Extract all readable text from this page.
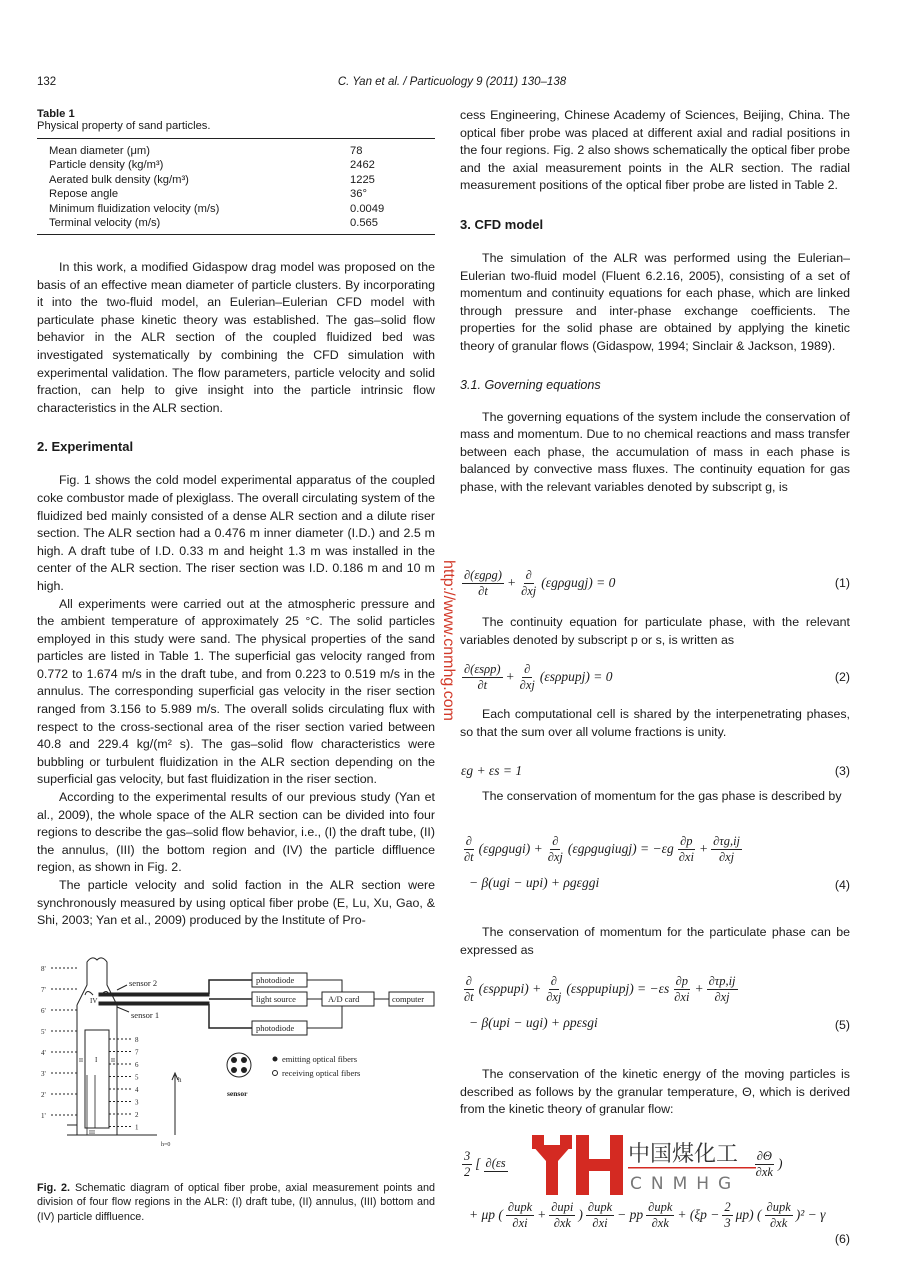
132	C. Yan et al. / Particuology 9 (2011) 130–138
Table 1
Physical property of sand particles.
Mean diameter (μm)	78
Particle density (kg/m³)	2462
Aerated bulk density (kg/m³)	1225
Repose angle	36°
Minimum fluidization velocity (m/s)	0.0049
Terminal velocity (m/s)	0.565

In this work, a modified Gidaspow drag model was proposed on the basis of an effective mean diameter of particle clusters. By incorporating it into the two-fluid model, an Eulerian–Eulerian CFD model with particulate phase kinetic theory was established. The gas–solid flow behavior in the ALR section of the coupled fluidized bed was investigated systematically by combining the CFD simulation with experimental validation. The flow parameters, particle velocity and solid fraction, can help to give insight into the particle intrinsic flow characteristics in the ALR section.

2. Experimental

Fig. 1 shows the cold model experimental apparatus of the coupled coke combustor made of plexiglass. The overall circulating system of the fluidized bed mainly consisted of a dense ALR section and a dilute riser section. The ALR section had a 0.476 m inner diameter (I.D.) and 2.5 m high. A draft tube of I.D. 0.33 m and height 1.3 m was installed in the center of the ALR section. The riser section was I.D. 0.186 m and 10 m high.

All experiments were carried out at the atmospheric pressure and the ambient temperature of approximately 25 °C. The solid particles employed in this study were sand. The physical properties of the sand particles are listed in Table 1. The superficial gas velocity ranged from 0.772 to 1.674 m/s in the draft tube, and from 0.223 to 0.519 m/s in the annulus. The corresponding superficial gas velocity in the riser section ranged from 3.156 to 5.989 m/s. The overall solids circulating flux with respect to the cross-sectional area of the riser section varied between 40.8 and 229.4 kg/(m² s). The gas–solid flow characteristics were bubbling or turbulent fluidization in the ALR section depending on the superficial gas velocity, but fast fluidization in the riser section.

According to the experimental results of our previous study (Yan et al., 2009), the whole space of the ALR section can be divided into four regions to describe the gas–solid flow behavior, i.e., (I) the draft tube, (II) the annulus, (III) the bottom region and (IV) the particle diffluence region, as shown in Fig. 2.

The particle velocity and solid faction in the ALR section were synchronously measured by using optical fiber probe (E, Lu, Xu, Gao, & Shi, 2003; Yan et al., 2009) produced by the Institute of Pro-

sensor 2
sensor 1
photodiode
light source
photodiode
A/D card	computer
IV
I
II	II
III
h
h=0
emitting optical fibers
receiving optical fibers
sensor
8'
7'
6'
5'
4'
3'
2'
1'
8
7
6
5
4
3
2
1
Fig. 2. Schematic diagram of optical fiber probe, axial measurement points and division of four flow regions in the ALR: (I) draft tube, (II) annulus, (III) bottom and (IV) particle diffluence.

cess Engineering, Chinese Academy of Sciences, Beijing, China. The optical fiber probe was placed at different axial and radial positions in the four regions. Fig. 2 also shows schematically the optical fiber probe and the axial measurement points in the ALR section. The radial measurement positions of the optical fiber probe are listed in Table 2.

3. CFD model

The simulation of the ALR was performed using the Eulerian–Eulerian two-fluid model (Fluent 6.2.16, 2005), consisting of a set of momentum and continuity equations for each phase, which are linked through pressure and inter-phase exchange coefficients. The properties for the solid phase are obtained by applying the kinetic theory of granular flows (Gidaspow, 1994; Sinclair & Jackson, 1989).

3.1. Governing equations

The governing equations of the system include the conservation of mass and momentum. Due to no chemical reactions and mass transfer between each phase, the accumulation of mass in each phase is balanced by convective mass fluxes. The continuity equation for gas phase, with the relevant variables denoted by subscript g, is

$\frac{\text{∂(εgρg)}}{\partial t} + \frac{\partial}{\partial xj}$ (εgρgugj) = 0	(1)

The continuity equation for particulate phase, with the relevant variables denoted by subscript p or s, is written as

$\frac{\text{∂(εsρp)}}{\partial t} + \frac{\partial}{\partial xj}$ (εsρpupj) = 0	(2)

Each computational cell is shared by the interpenetrating phases, so that the sum over all volume fractions is unity.

εg + εs = 1	(3)

The conservation of momentum for the gas phase is described by

$\frac{\partial}{\partial t}$ (εgρgugi) + $\frac{\partial}{\partial xj}$ (εgρgugiugj) = $-\varepsilon g \frac{\partial p}{\partial xi} + \frac{\partial\tau g,ij}{\partial xj}$
− β(ugi − upi) + ρgεggi	(4)

The conservation of momentum for the particulate phase can be expressed as

$\frac{\partial}{\partial t}$ (εsρpupi) + $\frac{\partial}{\partial xj}$ (εsρpupiupj) = $-\varepsilon s \frac{\partial p}{\partial xi} + \frac{\partial\tau p,ij}{\partial xj}$
− β(upi − ugi) + ρpεsgi	(5)

The conservation of the kinetic energy of the moving particles is described as follows by the granular temperature, Θ, which is derived from the kinetic theory of granular flow:

$\frac{3}{2}$ [ ∂(εs
	$\frac{\partial\Theta}{\partial xk}$ )
+ μp ( $\frac{\text{∂upk}}{\partial xi} + \frac{\text{∂upi}}{\partial xk}$ ) $\frac{\text{∂upk}}{\partial xi}$ − pp $\frac{\text{∂upk}}{\partial xk} + (\xi p - \frac{2}{3} \mu p)$ ( $\frac{\text{∂upk}}{\partial xk} )^2 - \gamma$
(6)
中国煤化工
CNMHG
http://www.cnmhg.com
